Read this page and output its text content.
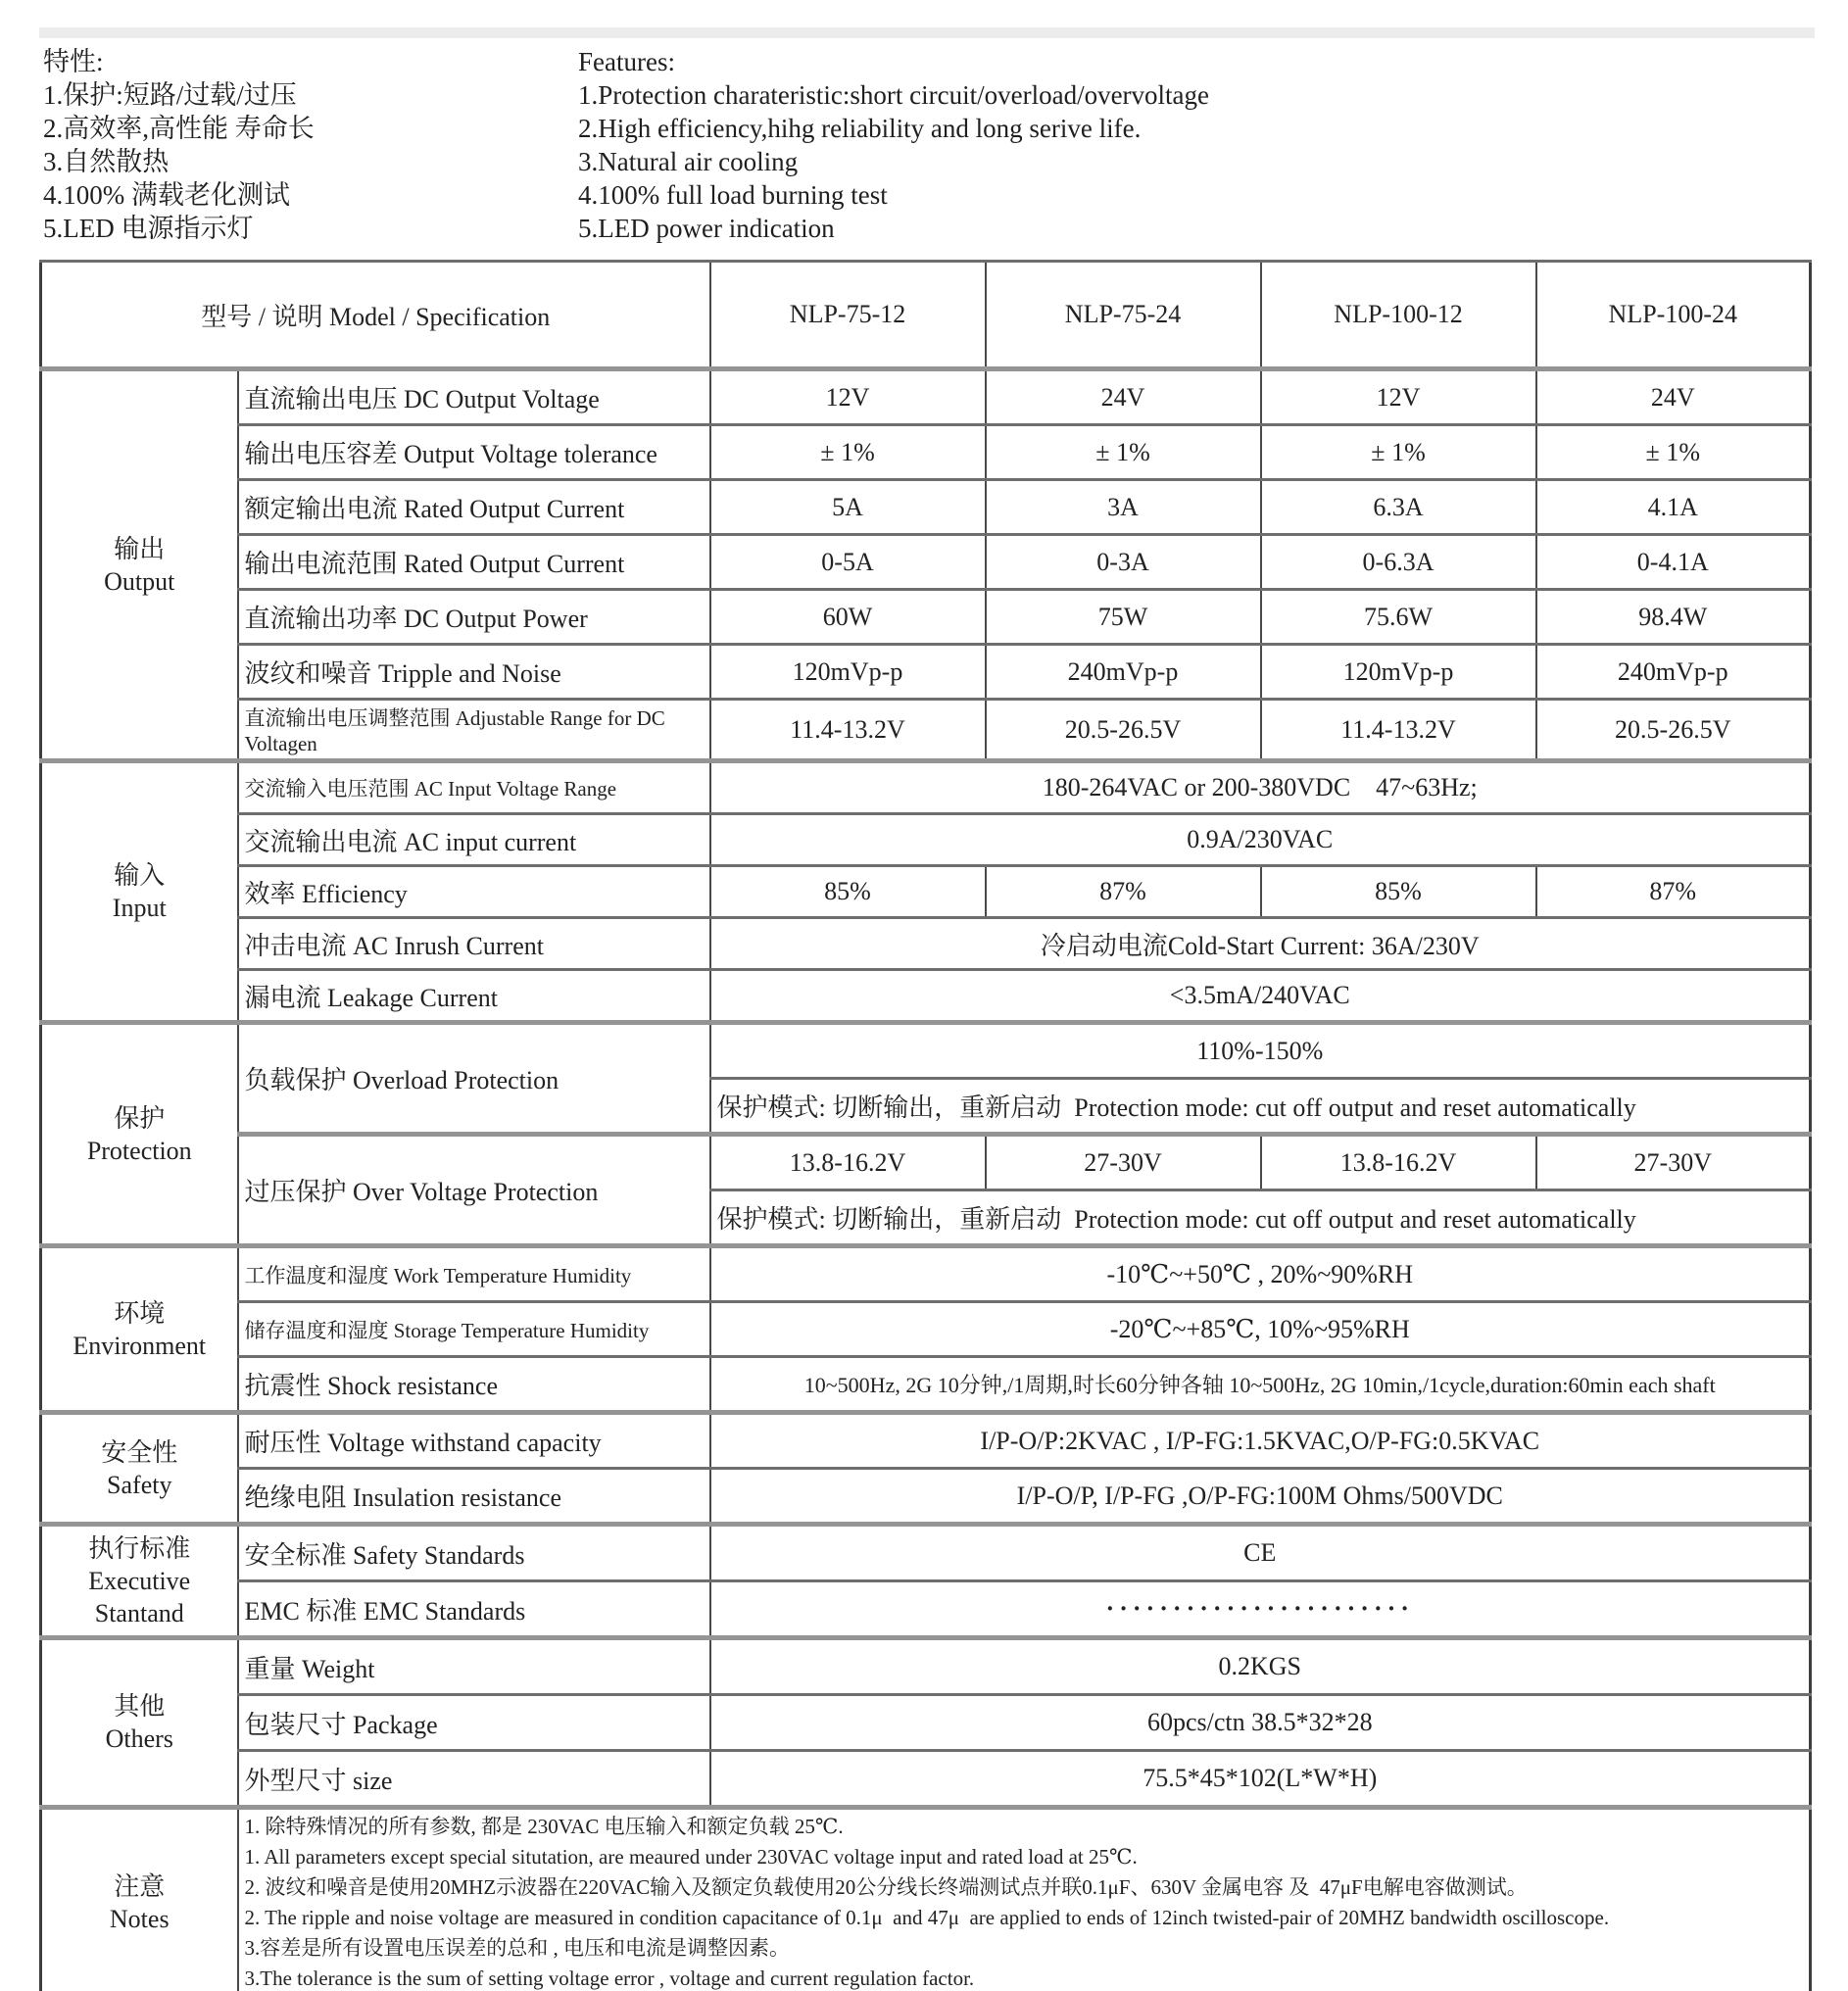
特性:
1.保护:短路/过载/过压
2.高效率,高性能 寿命长
3.自然散热
4.100% 满载老化测试
5.LED 电源指示灯
Features:
1.Protection charateristic:short circuit/overload/overvoltage
2.High efficiency,hihg reliability and long serive life.
3.Natural air cooling
4.100% full load burning test
5.LED power indication
型号 / 说明 Model / Specification		NLP-75-12	NLP-75-24	NLP-100-12	NLP-100-24

输出
Output	直流输出电压 DC Output Voltage	12V	24V	12V	24V
	输出电压容差 Output Voltage tolerance	± 1%	± 1%	± 1%	± 1%
	额定输出电流 Rated Output Current	5A	3A	6.3A	4.1A
	输出电流范围 Rated Output Current	0-5A	0-3A	0-6.3A	0-4.1A
	直流输出功率 DC Output Power	60W	75W	75.6W	98.4W
	波纹和噪音 Tripple and Noise	120mVp-p	240mVp-p	120mVp-p	240mVp-p
	直流输出电压调整范围 Adjustable Range for DC Voltagen	11.4-13.2V	20.5-26.5V	11.4-13.2V	20.5-26.5V

输入
Input	交流输入电压范围 AC Input Voltage Range	180-264VAC or 200-380VDC    47~63Hz;			
	交流输出电流 AC input current	0.9A/230VAC			
	效率 Efficiency	85%	87%	85%	87%
	冲击电流 AC Inrush Current	冷启动电流Cold-Start Current: 36A/230V			
	漏电流 Leakage Current	<3.5mA/240VAC			

保护
Protection	负载保护 Overload Protection	110%-150%			
		保护模式: 切断输出，重新启动  Protection mode: cut off output and reset automatically			
	过压保护 Over Voltage Protection	13.8-16.2V	27-30V	13.8-16.2V	27-30V
		保护模式: 切断输出，重新启动  Protection mode: cut off output and reset automatically			

环境
Environment	工作温度和湿度 Work Temperature Humidity	-10℃~+50℃ , 20%~90%RH			
	储存温度和湿度 Storage Temperature Humidity	-20℃~+85℃, 10%~95%RH			
	抗震性 Shock resistance	10~500Hz, 2G 10分钟,/1周期,时长60分钟各轴 10~500Hz, 2G 10min,/1cycle,duration:60min each shaft			

安全性
Safety	耐压性 Voltage withstand capacity	I/P-O/P:2KVAC , I/P-FG:1.5KVAC,O/P-FG:0.5KVAC			
	绝缘电阻 Insulation resistance	I/P-O/P, I/P-FG ,O/P-FG:100M Ohms/500VDC			

执行标准
Executive
Stantand	安全标准 Safety Standards	CE			
	EMC 标准 EMC Standards	·······················			

其他
Others	重量 Weight	0.2KGS			
	包装尺寸 Package	60pcs/ctn 38.5*32*28			
	外型尺寸 size	75.5*45*102(L*W*H)			

注意
Notes

1. 除特殊情况的所有参数, 都是 230VAC 电压输入和额定负载 25℃.
1. All parameters except special situtation, are meaured under 230VAC voltage input and rated load at 25℃.
2. 波纹和噪音是使用20MHZ示波器在220VAC输入及额定负载使用20公分线长终端测试点并联0.1μF、630V 金属电容 及  47μF电解电容做测试。
2. The ripple and noise voltage are measured in condition capacitance of 0.1μ  and 47μ  are applied to ends of 12inch twisted-pair of 20MHZ bandwidth oscilloscope.
3.容差是所有设置电压误差的总和 , 电压和电流是调整因素。
3.The tolerance is the sum of setting voltage error , voltage and current regulation factor.
